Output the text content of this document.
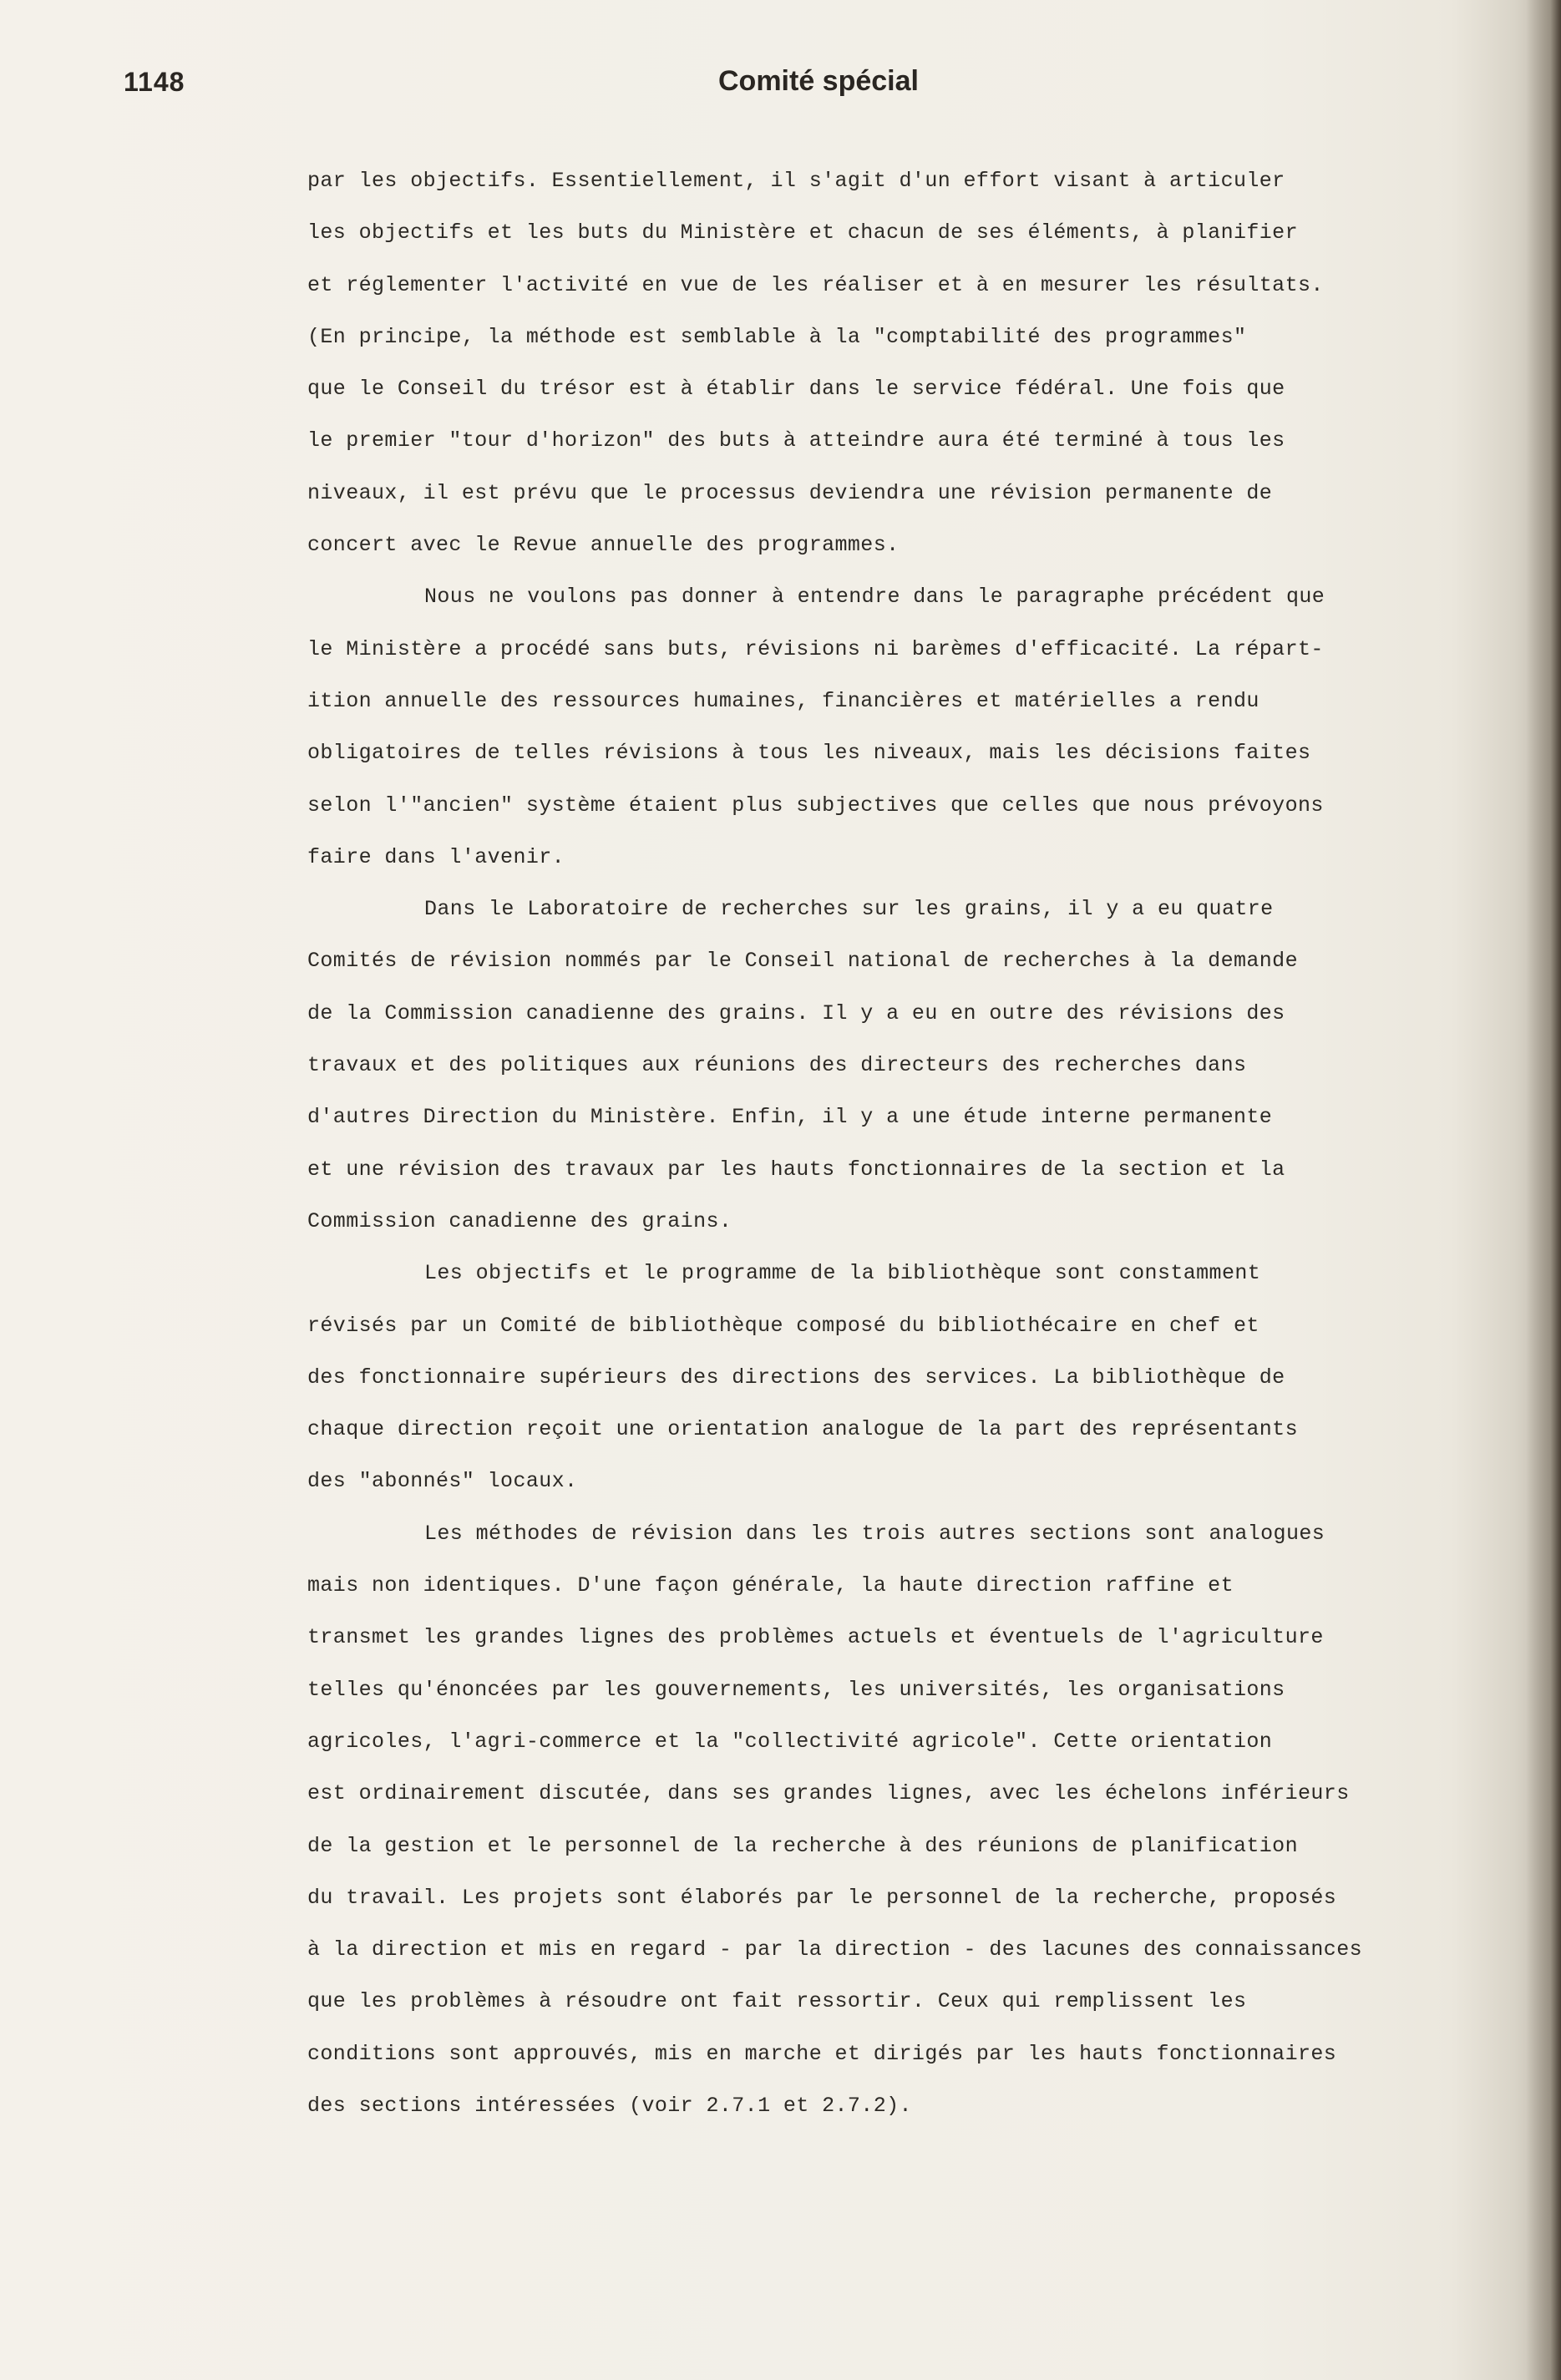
1148	Comité spécial
par les objectifs. Essentiellement, il s'agit d'un effort visant à articuler
les objectifs et les buts du Ministère et chacun de ses éléments, à planifier
et réglementer l'activité en vue de les réaliser et à en mesurer les résultats.
(En principe, la méthode est semblable à la "comptabilité des programmes"
que le Conseil du trésor est à établir dans le service fédéral. Une fois que
le premier "tour d'horizon" des buts à atteindre aura été terminé à tous les
niveaux, il est prévu que le processus deviendra une révision permanente de
concert avec le Revue annuelle des programmes.
Nous ne voulons pas donner à entendre dans le paragraphe précédent que
le Ministère a procédé sans buts, révisions ni barèmes d'efficacité. La répart-
ition annuelle des ressources humaines, financières et matérielles a rendu
obligatoires de telles révisions à tous les niveaux, mais les décisions faites
selon l'"ancien" système étaient plus subjectives que celles que nous prévoyons
faire dans l'avenir.
Dans le Laboratoire de recherches sur les grains, il y a eu quatre
Comités de révision nommés par le Conseil national de recherches à la demande
de la Commission canadienne des grains. Il y a eu en outre des révisions des
travaux et des politiques aux réunions des directeurs des recherches dans
d'autres Direction du Ministère. Enfin, il y a une étude interne permanente
et une révision des travaux par les hauts fonctionnaires de la section et la
Commission canadienne des grains.
Les objectifs et le programme de la bibliothèque sont constamment
révisés par un Comité de bibliothèque composé du bibliothécaire en chef et
des fonctionnaire supérieurs des directions des services. La bibliothèque de
chaque direction reçoit une orientation analogue de la part des représentants
des "abonnés" locaux.
Les méthodes de révision dans les trois autres sections sont analogues
mais non identiques. D'une façon générale, la haute direction raffine et
transmet les grandes lignes des problèmes actuels et éventuels de l'agriculture
telles qu'énoncées par les gouvernements, les universités, les organisations
agricoles, l'agri-commerce et la "collectivité agricole". Cette orientation
est ordinairement discutée, dans ses grandes lignes, avec les échelons inférieurs
de la gestion et le personnel de la recherche à des réunions de planification
du travail. Les projets sont élaborés par le personnel de la recherche, proposés
à la direction et mis en regard - par la direction - des lacunes des connaissances
que les problèmes à résoudre ont fait ressortir. Ceux qui remplissent les
conditions sont approuvés, mis en marche et dirigés par les hauts fonctionnaires
des sections intéressées (voir 2.7.1 et 2.7.2).
